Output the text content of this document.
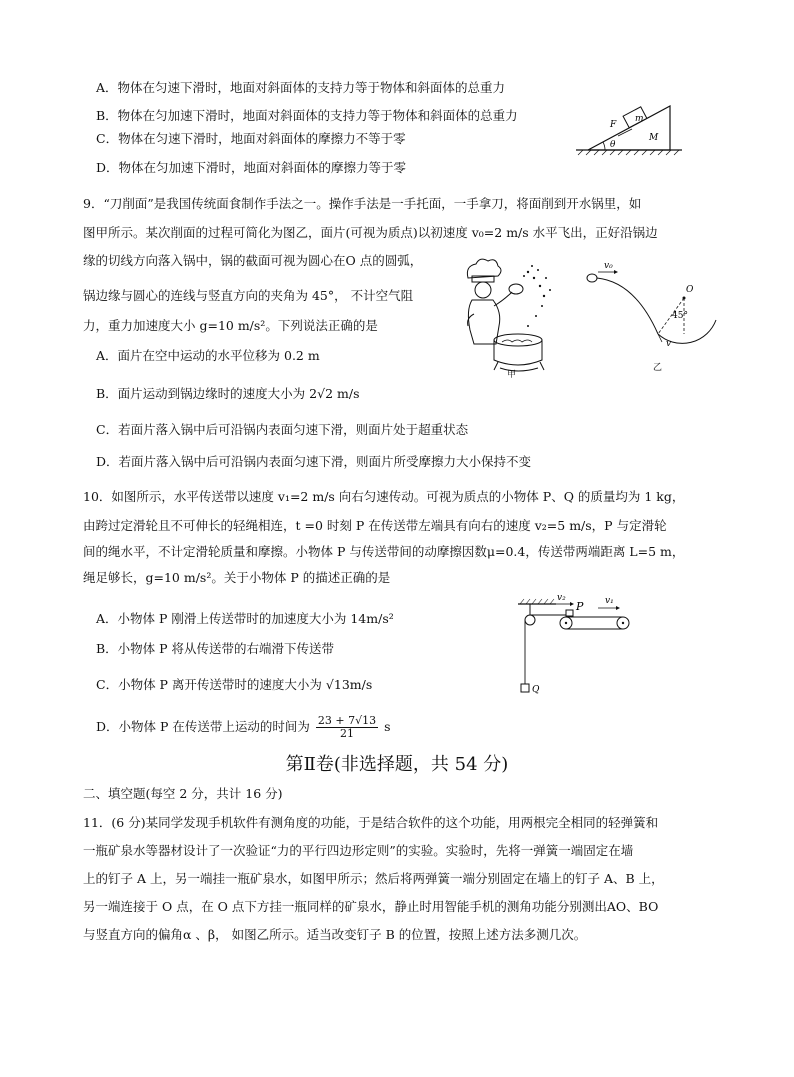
A．物体在匀速下滑时，地面对斜面体的支持力等于物体和斜面体的总重力
B．物体在匀加速下滑时，地面对斜面体的支持力等于物体和斜面体的总重力
C．物体在匀速下滑时，地面对斜面体的摩擦力不等于零
D．物体在匀加速下滑时，地面对斜面体的摩擦力等于零
F
m
M
θ
9．“刀削面”是我国传统面食制作手法之一。操作手法是一手托面，一手拿刀，将面削到开水锅里，如
图甲所示。某次削面的过程可简化为图乙，面片(可视为质点)以初速度 v₀=2 m/s 水平飞出，正好沿锅边
缘的切线方向落入锅中，锅的截面可视为圆心在O 点的圆弧，
锅边缘与圆心的连线与竖直方向的夹角为 45°， 不计空气阻
力，重力加速度大小 g=10 m/s²。下列说法正确的是
A．面片在空中运动的水平位移为 0.2 m
B．面片运动到锅边缘时的速度大小为 2√2 m/s
C．若面片落入锅中后可沿锅内表面匀速下滑，则面片处于超重状态
D．若面片落入锅中后可沿锅内表面匀速下滑，则面片所受摩擦力大小保持不变
甲
v₀
O
45°
v
乙
10．如图所示，水平传送带以速度 v₁=2 m/s 向右匀速传动。可视为质点的小物体 P、Q 的质量均为 1 kg，
由跨过定滑轮且不可伸长的轻绳相连，t =0 时刻 P 在传送带左端具有向右的速度 v₂=5 m/s，P 与定滑轮
间的绳水平，不计定滑轮质量和摩擦。小物体 P 与传送带间的动摩擦因数μ=0.4，传送带两端距离 L=5 m，
绳足够长，g=10 m/s²。关于小物体 P 的描述正确的是
A．小物体 P 刚滑上传送带时的加速度大小为 14m/s²
B．小物体 P 将从传送带的右端滑下传送带
C．小物体 P 离开传送带时的速度大小为 √13m/s
D．小物体 P 在传送带上运动的时间为 $\frac{23 + 7√13}{21}$ s
v₂
P v₁
Q
第Ⅱ卷(非选择题，共 54 分)
二、填空题(每空 2 分，共计 16 分)
11．(6 分)某同学发现手机软件有测角度的功能，于是结合软件的这个功能，用两根完全相同的轻弹簧和
一瓶矿泉水等器材设计了一次验证“力的平行四边形定则”的实验。实验时，先将一弹簧一端固定在墙
上的钉子 A 上，另一端挂一瓶矿泉水，如图甲所示；然后将两弹簧一端分别固定在墙上的钉子 A、B 上，
另一端连接于 O 点，在 O 点下方挂一瓶同样的矿泉水，静止时用智能手机的测角功能分别测出AO、BO
与竖直方向的偏角α 、β， 如图乙所示。适当改变钉子 B 的位置，按照上述方法多测几次。
